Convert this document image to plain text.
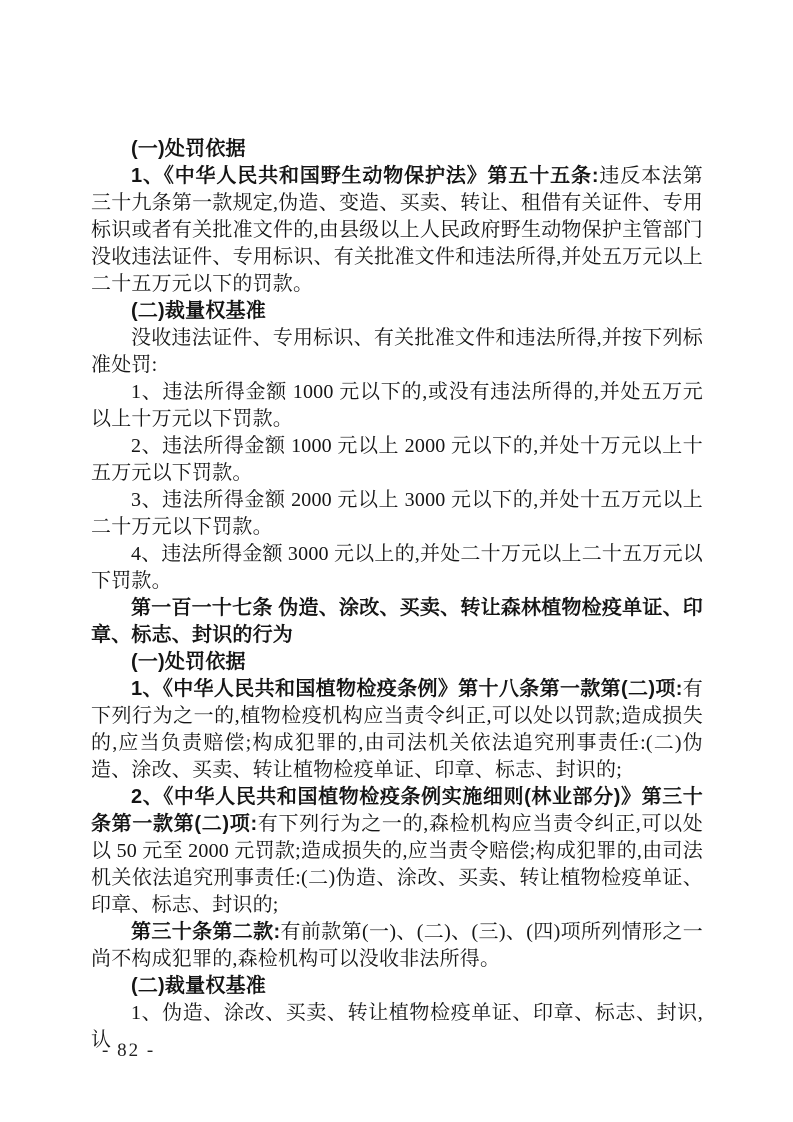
(一)处罚依据

1、《中华人民共和国野生动物保护法》第五十五条:违反本法第三十九条第一款规定,伪造、变造、买卖、转让、租借有关证件、专用标识或者有关批准文件的,由县级以上人民政府野生动物保护主管部门没收违法证件、专用标识、有关批准文件和违法所得,并处五万元以上二十五万元以下的罚款。

(二)裁量权基准

没收违法证件、专用标识、有关批准文件和违法所得,并按下列标准处罚:

1、违法所得金额 1000 元以下的,或没有违法所得的,并处五万元以上十万元以下罚款。

2、违法所得金额 1000 元以上 2000 元以下的,并处十万元以上十五万元以下罚款。

3、违法所得金额 2000 元以上 3000 元以下的,并处十五万元以上二十万元以下罚款。

4、违法所得金额 3000 元以上的,并处二十万元以上二十五万元以下罚款。

第一百一十七条 伪造、涂改、买卖、转让森林植物检疫单证、印章、标志、封识的行为

(一)处罚依据

1、《中华人民共和国植物检疫条例》第十八条第一款第(二)项:有下列行为之一的,植物检疫机构应当责令纠正,可以处以罚款;造成损失的,应当负责赔偿;构成犯罪的,由司法机关依法追究刑事责任:(二)伪造、涂改、买卖、转让植物检疫单证、印章、标志、封识的;

2、《中华人民共和国植物检疫条例实施细则(林业部分)》第三十条第一款第(二)项:有下列行为之一的,森检机构应当责令纠正,可以处以 50 元至 2000 元罚款;造成损失的,应当责令赔偿;构成犯罪的,由司法机关依法追究刑事责任:(二)伪造、涂改、买卖、转让植物检疫单证、印章、标志、封识的;

第三十条第二款:有前款第(一)、(二)、(三)、(四)项所列情形之一尚不构成犯罪的,森检机构可以没收非法所得。

(二)裁量权基准

1、伪造、涂改、买卖、转让植物检疫单证、印章、标志、封识,认

- 82 -
